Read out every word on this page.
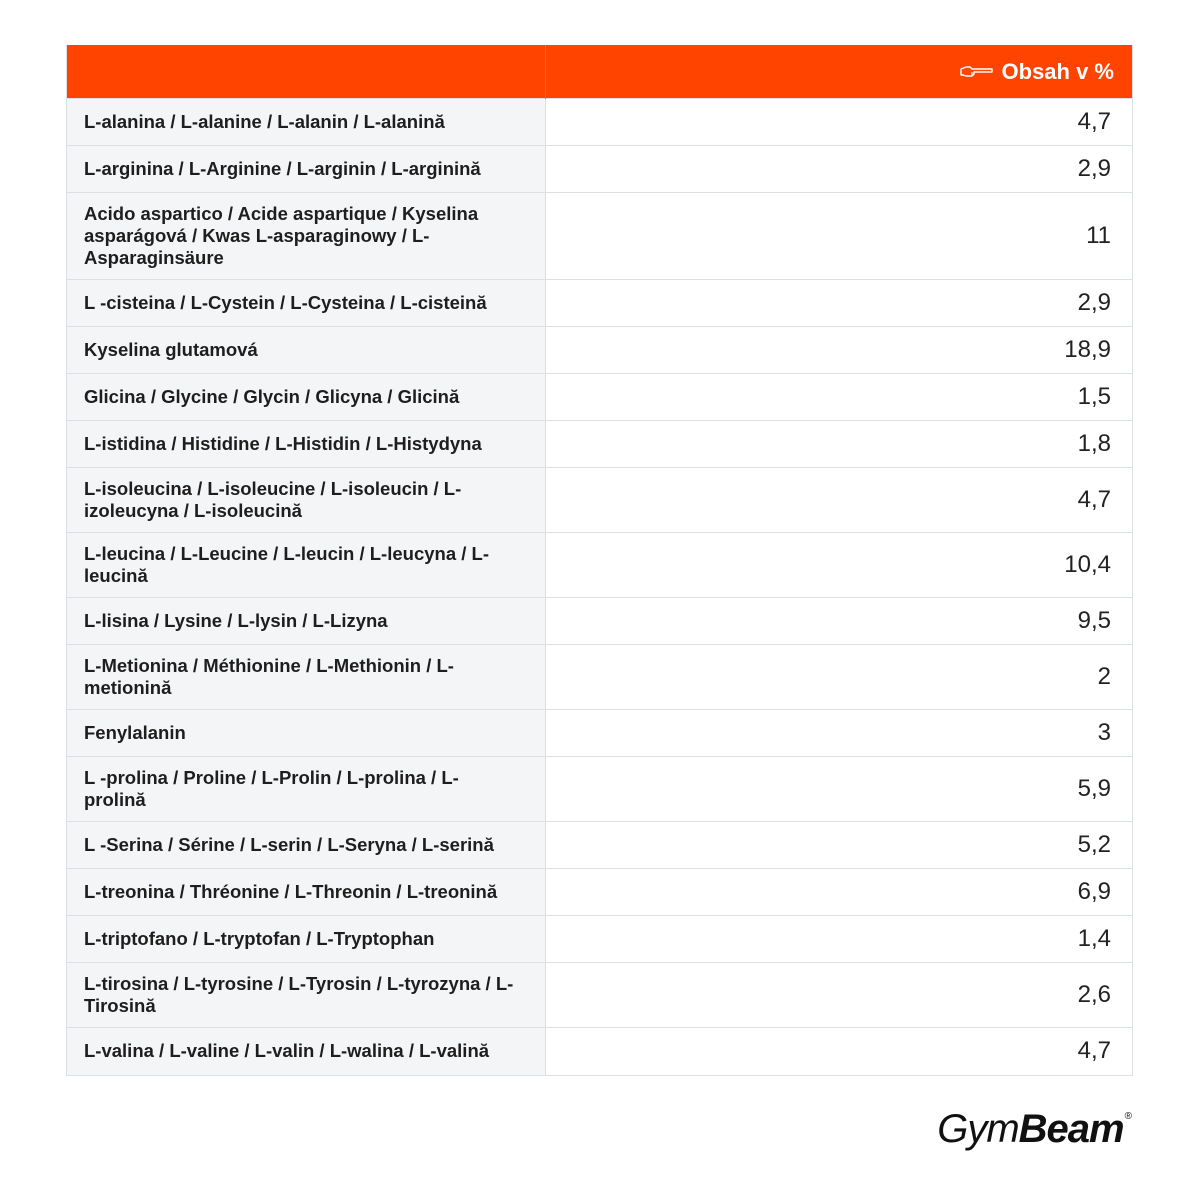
	Obsah v %
L-alanina / L-alanine / L-alanin / L-alanină	4,7
L-arginina / L-Arginine / L-arginin / L-arginină	2,9
Acido aspartico / Acide aspartique / Kyselina asparágová / Kwas L-asparaginowy / L-Asparaginsäure	11
L -cisteina / L-Cystein / L-Cysteina / L-cisteină	2,9
Kyselina glutamová	18,9
Glicina / Glycine / Glycin / Glicyna / Glicină	1,5
L-istidina / Histidine / L-Histidin / L-Histydyna	1,8
L-isoleucina / L-isoleucine / L-isoleucin / L-izoleucyna / L-isoleucină	4,7
L-leucina / L-Leucine / L-leucin / L-leucyna / L-leucină	10,4
L-lisina / Lysine / L-lysin / L-Lizyna	9,5
L-Metionina / Méthionine / L-Methionin / L-metionină	2
Fenylalanin	3
L -prolina / Proline / L-Prolin / L-prolina / L-prolină	5,9
L -Serina / Sérine / L-serin / L-Seryna / L-serină	5,2
L-treonina / Thréonine / L-Threonin / L-treonină	6,9
L-triptofano / L-tryptofan / L-Tryptophan	1,4
L-tirosina / L-tyrosine / L-Tyrosin / L-tyrozyna / L-Tirosină	2,6
L-valina / L-valine / L-valin / L-walina / L-valină	4,7
Gym Beam ®
